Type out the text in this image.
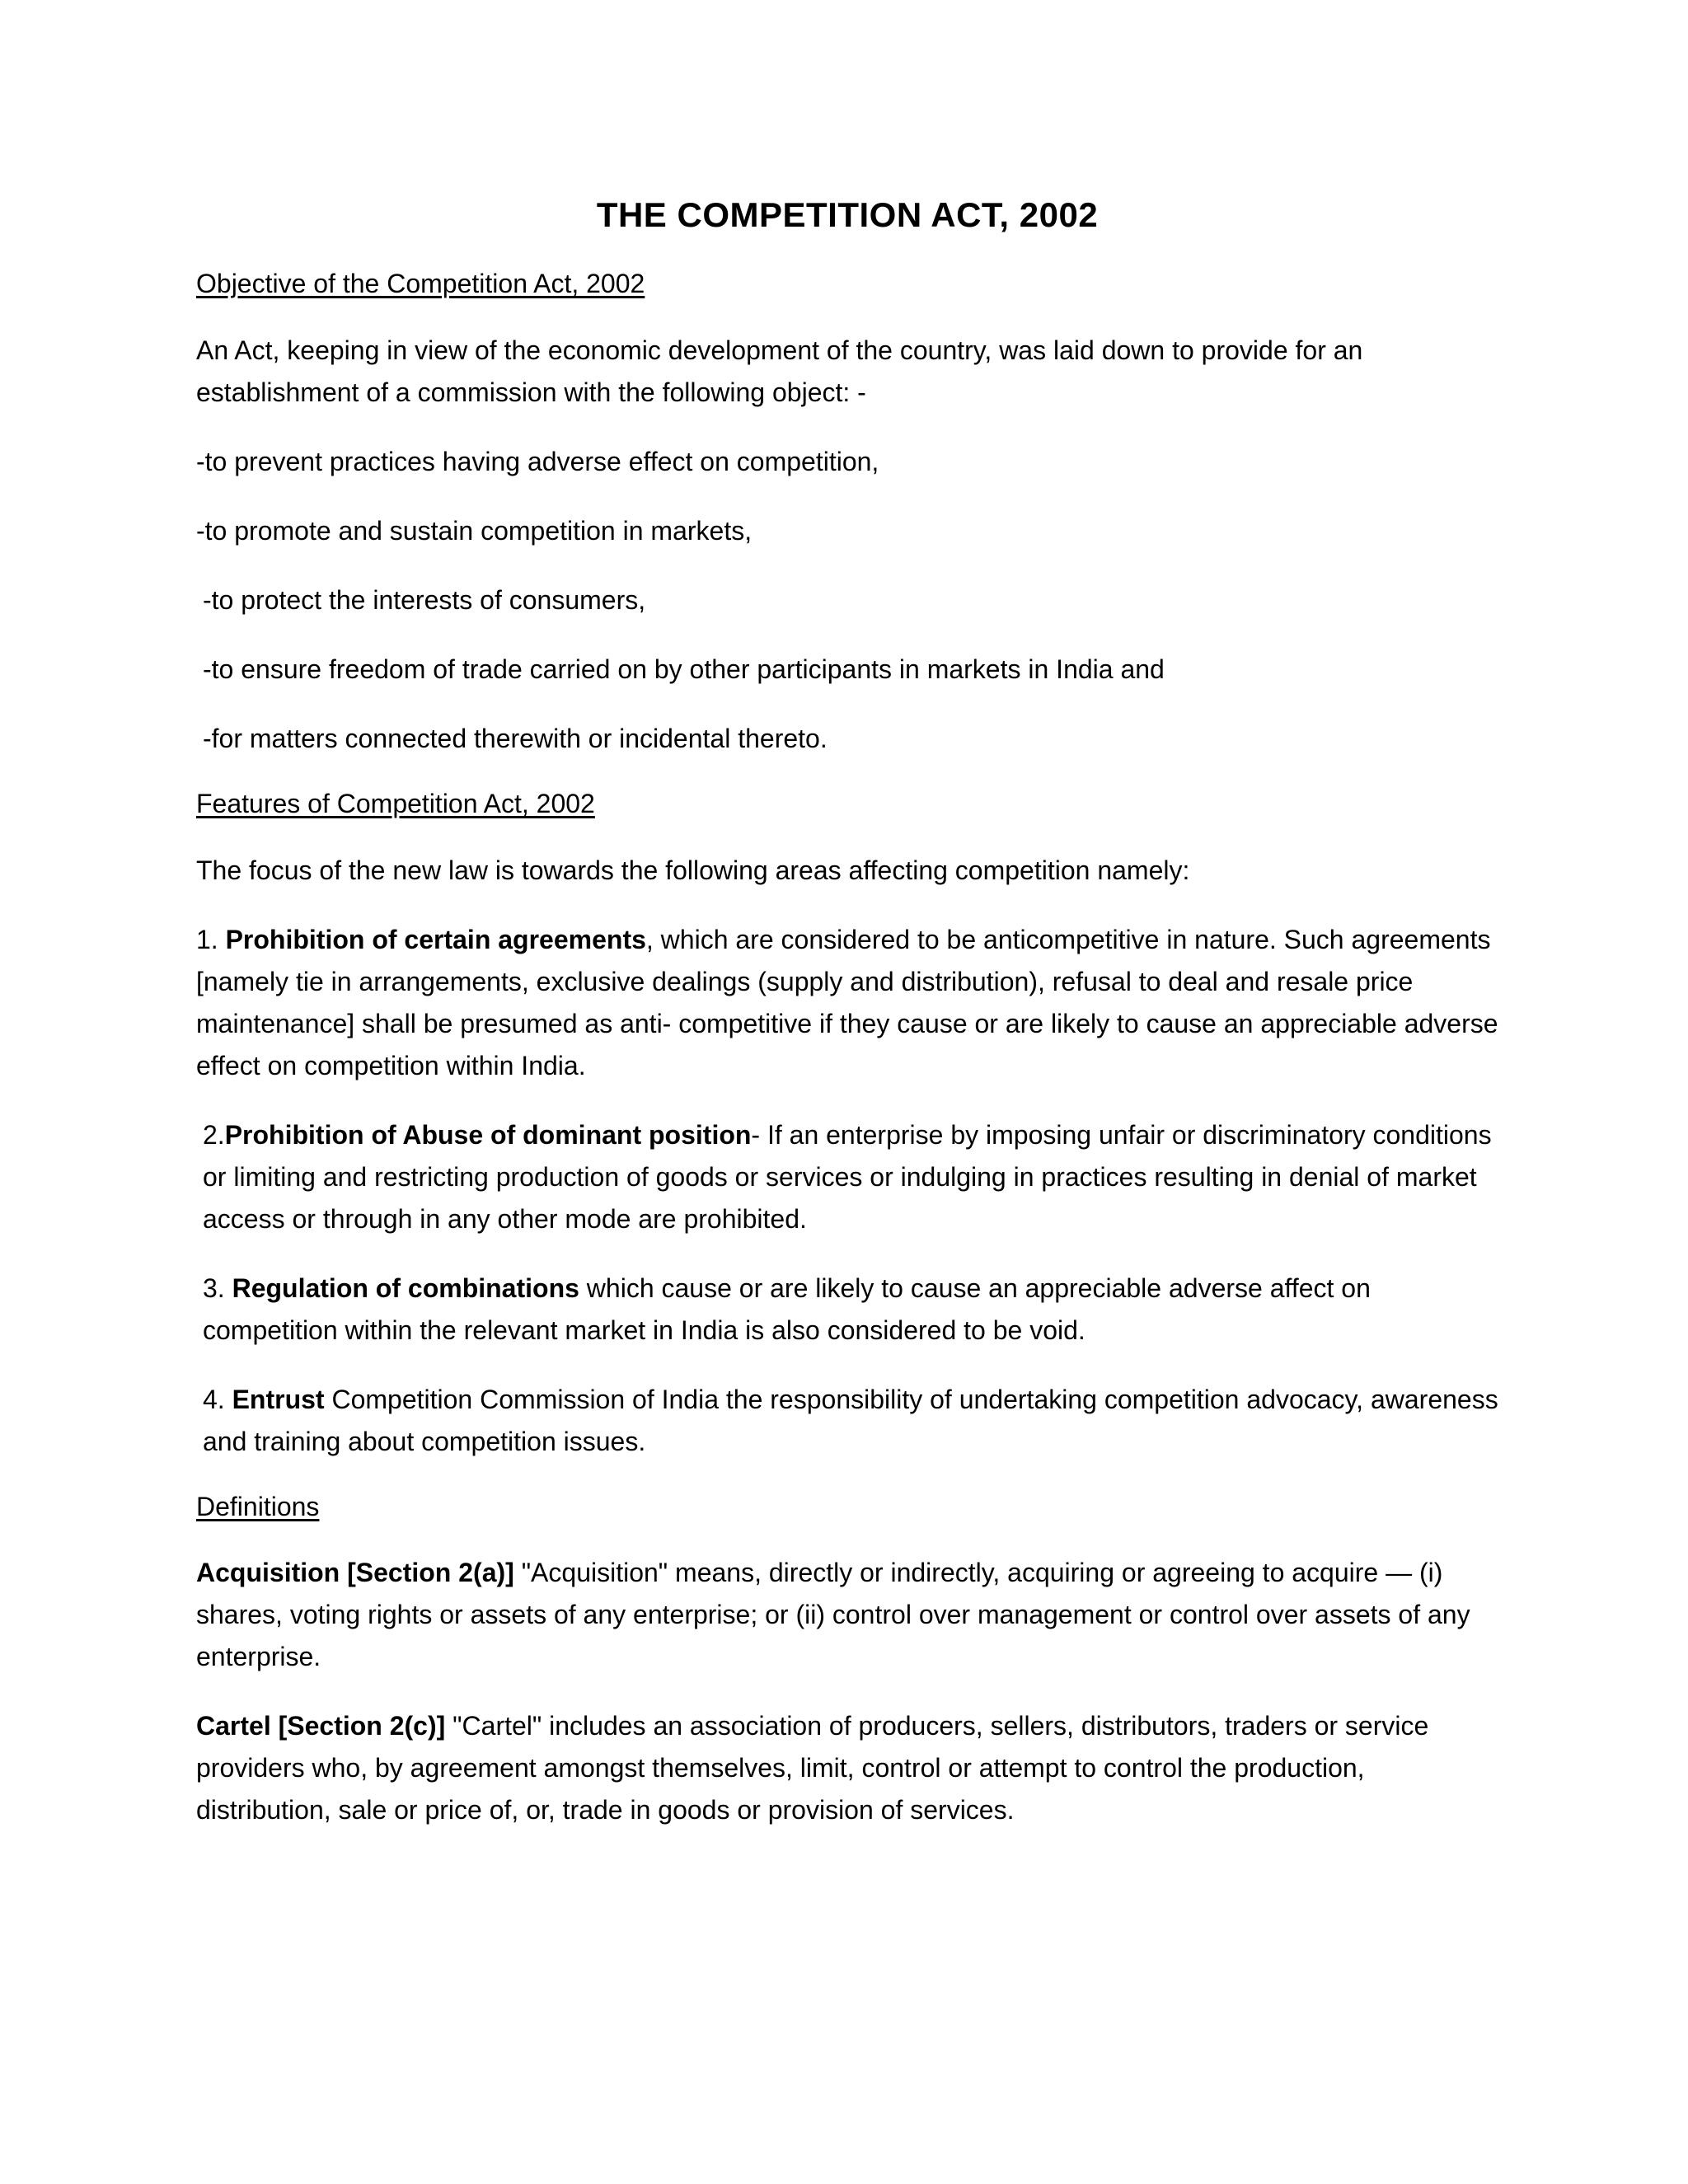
THE COMPETITION ACT, 2002
Objective of the Competition Act, 2002

An Act, keeping in view of the economic development of the country, was laid down to provide for an establishment of a commission with the following object: -

-to prevent practices having adverse effect on competition,

-to promote and sustain competition in markets,

-to protect the interests of consumers,

-to ensure freedom of trade carried on by other participants in markets in India and

-for matters connected therewith or incidental thereto.

Features of Competition Act, 2002

The focus of the new law is towards the following areas affecting competition namely:

1. Prohibition of certain agreements, which are considered to be anticompetitive in nature. Such agreements [namely tie in arrangements, exclusive dealings (supply and distribution), refusal to deal and resale price maintenance] shall be presumed as anti- competitive if they cause or are likely to cause an appreciable adverse effect on competition within India.

2.Prohibition of Abuse of dominant position- If an enterprise by imposing unfair or discriminatory conditions or limiting and restricting production of goods or services or indulging in practices resulting in denial of market access or through in any other mode are prohibited.

3. Regulation of combinations which cause or are likely to cause an appreciable adverse affect on competition within the relevant market in India is also considered to be void.

4. Entrust Competition Commission of India the responsibility of undertaking competition advocacy, awareness and training about competition issues.

Definitions

Acquisition [Section 2(a)] "Acquisition" means, directly or indirectly, acquiring or agreeing to acquire — (i) shares, voting rights or assets of any enterprise; or (ii) control over management or control over assets of any enterprise.

Cartel [Section 2(c)] "Cartel" includes an association of producers, sellers, distributors, traders or service providers who, by agreement amongst themselves, limit, control or attempt to control the production, distribution, sale or price of, or, trade in goods or provision of services.
